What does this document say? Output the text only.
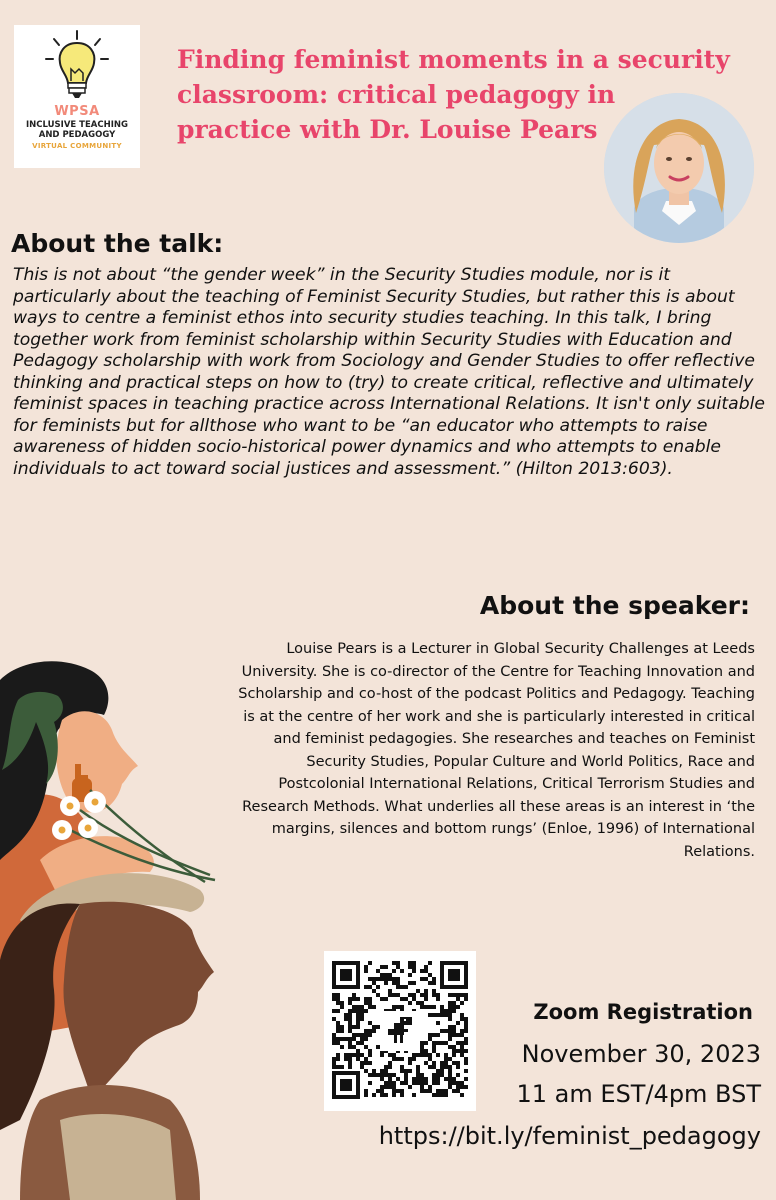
WPSA
INCLUSIVE TEACHING
AND PEDAGOGY
VIRTUAL COMMUNITY
Finding feminist moments in a security classroom: critical pedagogy in practice with Dr. Louise Pears
About the talk:

This is not about “the gender week” in the Security Studies module, nor is it particularly about the teaching of Feminist Security Studies, but rather this is about ways to centre a feminist ethos into security studies teaching. In this talk, I bring together work from feminist scholarship within Security Studies with Education and Pedagogy scholarship with work from Sociology and Gender Studies to offer reflective thinking and practical steps on how to (try) to create critical, reflective and ultimately feminist spaces in teaching practice across International Relations. It isn't only suitable for feminists but for allthose who want to be “an educator who attempts to raise awareness of hidden socio-historical power dynamics and who attempts to enable individuals to act toward social justices and assessment.” (Hilton 2013:603).

About the speaker:

Louise Pears is a Lecturer in Global Security Challenges at Leeds University. She is co-director of the Centre for Teaching Innovation and Scholarship and co-host of the podcast Politics and Pedagogy. Teaching is at the centre of her work and she is particularly interested in critical and feminist pedagogies. She researches and teaches on Feminist Security Studies, Popular Culture and World Politics, Race and Postcolonial International Relations, Critical Terrorism Studies and Research Methods. What underlies all these areas is an interest in ‘the margins, silences and bottom rungs’ (Enloe, 1996) of International Relations.

Zoom Registration

November 30, 2023

11 am EST/4pm BST

https://bit.ly/feminist_pedagogy
